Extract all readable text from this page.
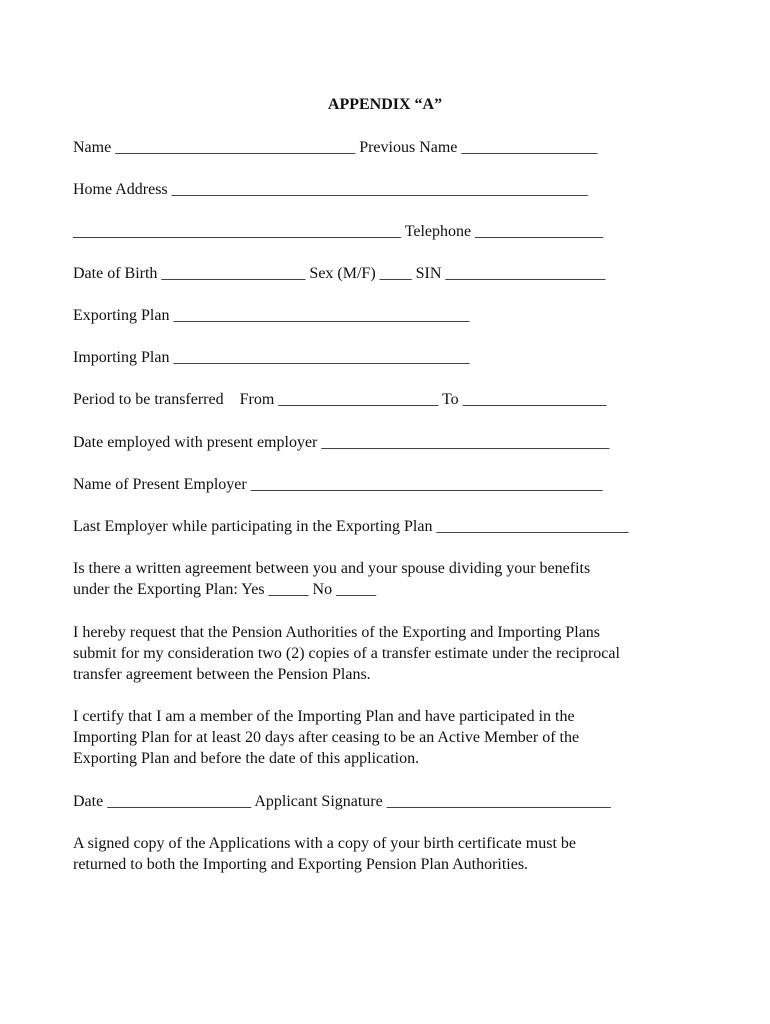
APPENDIX “A”
Name ______________________________ Previous Name _________________
Home Address ____________________________________________________
_________________________________________ Telephone ________________
Date of Birth __________________ Sex (M/F) ____ SIN ____________________
Exporting Plan _____________________________________
Importing Plan _____________________________________
Period to be transferred    From ____________________ To __________________
Date employed with present employer ____________________________________
Name of Present Employer ____________________________________________
Last Employer while participating in the Exporting Plan ________________________
Is there a written agreement between you and your spouse dividing your benefits
under the Exporting Plan: Yes _____ No _____
I hereby request that the Pension Authorities of the Exporting and Importing Plans
submit for my consideration two (2) copies of a transfer estimate under the reciprocal
transfer agreement between the Pension Plans.
I certify that I am a member of the Importing Plan and have participated in the
Importing Plan for at least 20 days after ceasing to be an Active Member of the
Exporting Plan and before the date of this application.
Date __________________ Applicant Signature ____________________________
A signed copy of the Applications with a copy of your birth certificate must be
returned to both the Importing and Exporting Pension Plan Authorities.
